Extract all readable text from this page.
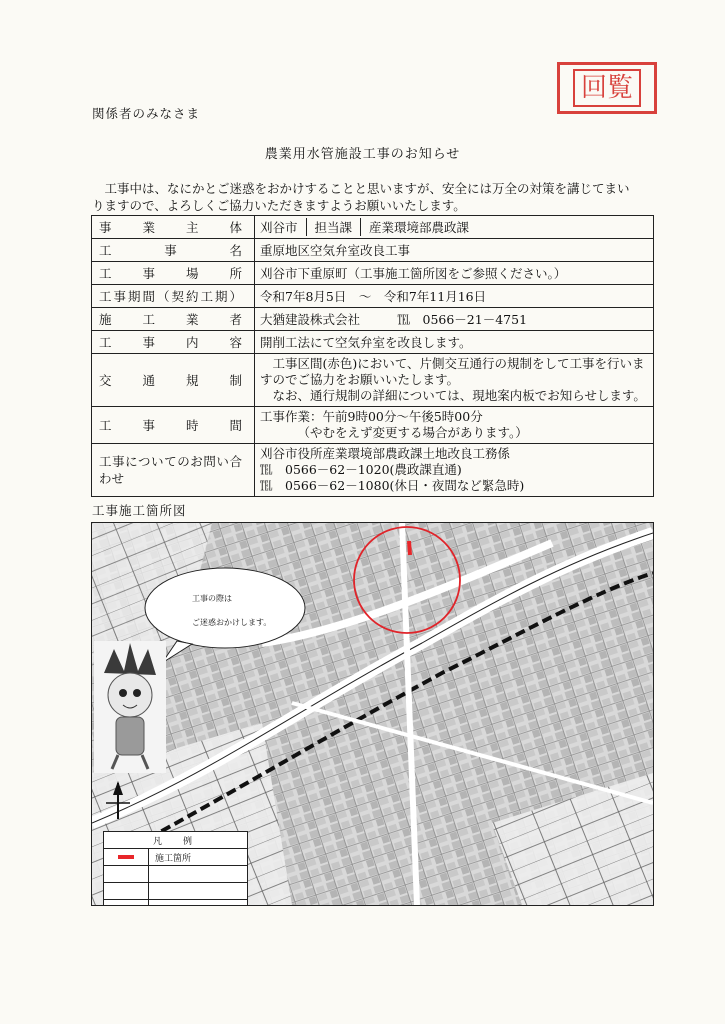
回覧
関係者のみなさま
農業用水管施設工事のお知らせ
工事中は、なにかとご迷惑をおかけすることと思いますが、安全には万全の対策を講じてまいりますので、よろしくご協力いただきますようお願いいたします。
事業主体	刈谷市 担当課 産業環境部農政課

工事名	重原地区空気弁室改良工事
工事場所	刈谷市下重原町（工事施工箇所図をご参照ください。）
工事期間（契約工期）	令和7年8月5日　～　令和7年11月16日
施工業者	大猶建設株式会社　　　℡　0566－21－4751
工事内容	開削工法にて空気弁室を改良します。
交通規制	工事区間(赤色)において、片側交互通行の規制をして工事を行いますのでご協力をお願いいたします。

なお、通行規制の詳細については、現地案内板でお知らせします。

工事時間	工事作業：午前9時00分～午後5時00分

（やむをえず変更する場合があります。）

工事についてのお問い合わせ	刈谷市役所産業環境部農政課土地改良工務係

℡　0566－62－1020(農政課直通)

℡　0566－62－1080(休日・夜間など緊急時)

工事施工箇所図
工事の際は
ご迷惑おかけします。
凡　例
施工箇所
